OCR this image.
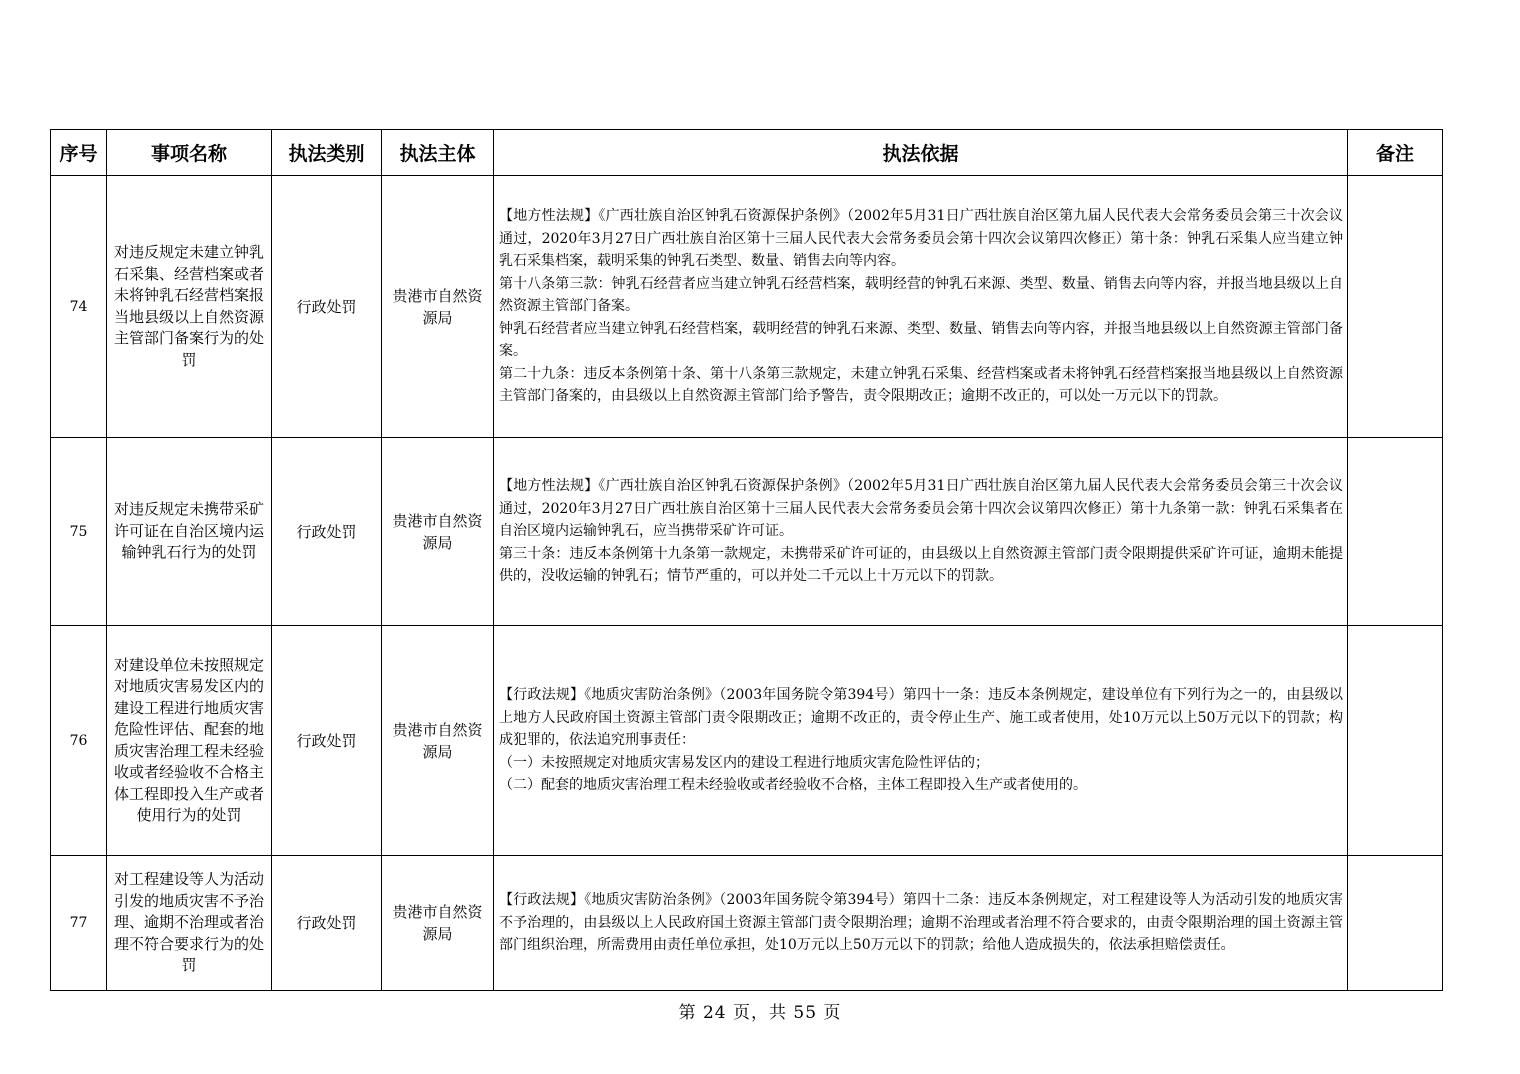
序号	事项名称	执法类别	执法主体	执法依据	备注
74	对违反规定未建立钟乳石采集、经营档案或者未将钟乳石经营档案报当地县级以上自然资源主管部门备案行为的处罚	行政处罚	贵港市自然资源局	【地方性法规】《广西壮族自治区钟乳石资源保护条例》（2002年5月31日广西壮族自治区第九届人民代表大会常务委员会第三十次会议通过，2020年3月27日广西壮族自治区第十三届人民代表大会常务委员会第十四次会议第四次修正）第十条：钟乳石采集人应当建立钟乳石采集档案，载明采集的钟乳石类型、数量、销售去向等内容。

第十八条第三款：钟乳石经营者应当建立钟乳石经营档案，载明经营的钟乳石来源、类型、数量、销售去向等内容，并报当地县级以上自然资源主管部门备案。

钟乳石经营者应当建立钟乳石经营档案，载明经营的钟乳石来源、类型、数量、销售去向等内容，并报当地县级以上自然资源主管部门备案。

第二十九条：违反本条例第十条、第十八条第三款规定，未建立钟乳石采集、经营档案或者未将钟乳石经营档案报当地县级以上自然资源主管部门备案的，由县级以上自然资源主管部门给予警告，责令限期改正；逾期不改正的，可以处一万元以下的罚款。	

75	对违反规定未携带采矿许可证在自治区境内运输钟乳石行为的处罚	行政处罚	贵港市自然资源局	【地方性法规】《广西壮族自治区钟乳石资源保护条例》（2002年5月31日广西壮族自治区第九届人民代表大会常务委员会第三十次会议通过，2020年3月27日广西壮族自治区第十三届人民代表大会常务委员会第十四次会议第四次修正）第十九条第一款：钟乳石采集者在自治区境内运输钟乳石，应当携带采矿许可证。

第三十条：违反本条例第十九条第一款规定，未携带采矿许可证的，由县级以上自然资源主管部门责令限期提供采矿许可证，逾期未能提供的，没收运输的钟乳石；情节严重的，可以并处二千元以上十万元以下的罚款。	

76	对建设单位未按照规定对地质灾害易发区内的建设工程进行地质灾害危险性评估、配套的地质灾害治理工程未经验收或者经验收不合格主体工程即投入生产或者使用行为的处罚	行政处罚	贵港市自然资源局	【行政法规】《地质灾害防治条例》（2003年国务院令第394号）第四十一条：违反本条例规定，建设单位有下列行为之一的，由县级以上地方人民政府国土资源主管部门责令限期改正；逾期不改正的，责令停止生产、施工或者使用，处10万元以上50万元以下的罚款；构成犯罪的，依法追究刑事责任：

（一）未按照规定对地质灾害易发区内的建设工程进行地质灾害危险性评估的；

（二）配套的地质灾害治理工程未经验收或者经验收不合格，主体工程即投入生产或者使用的。	

77	对工程建设等人为活动引发的地质灾害不予治理、逾期不治理或者治理不符合要求行为的处罚	行政处罚	贵港市自然资源局	【行政法规】《地质灾害防治条例》（2003年国务院令第394号）第四十二条：违反本条例规定，对工程建设等人为活动引发的地质灾害不予治理的，由县级以上人民政府国土资源主管部门责令限期治理；逾期不治理或者治理不符合要求的，由责令限期治理的国土资源主管部门组织治理，所需费用由责任单位承担，处10万元以上50万元以下的罚款；给他人造成损失的，依法承担赔偿责任。	

第 24 页，共 55 页
